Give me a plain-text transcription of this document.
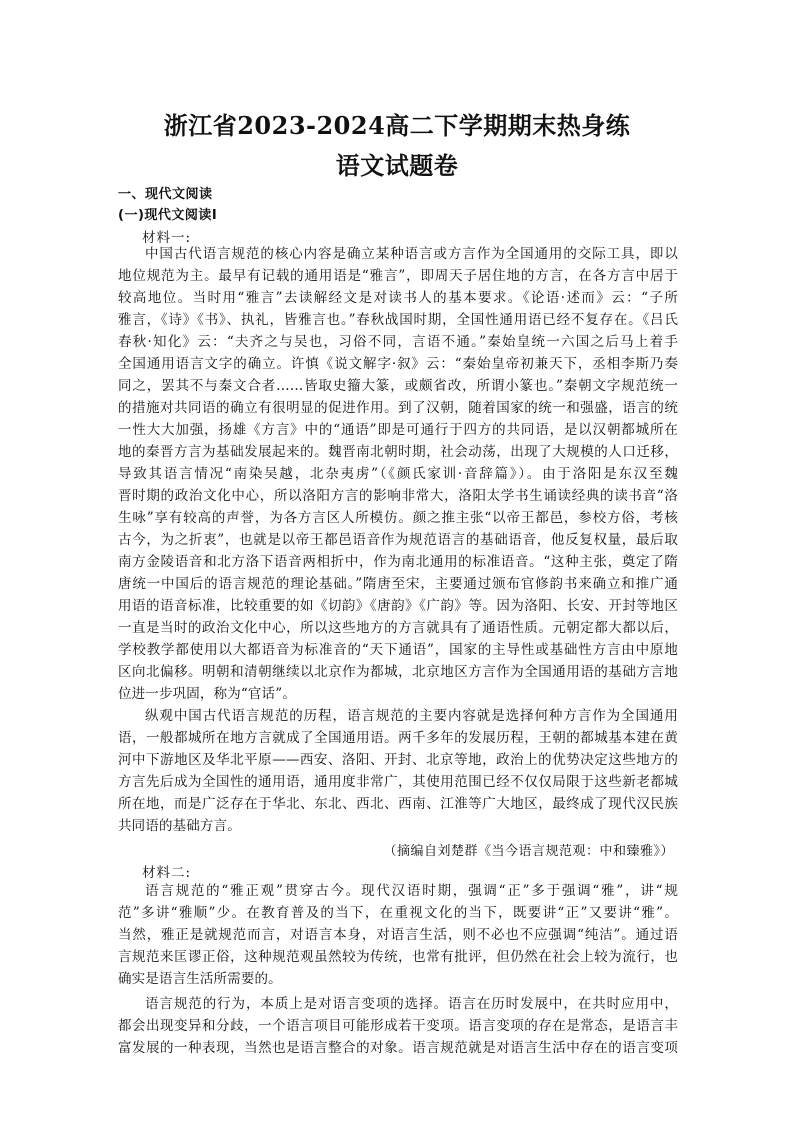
浙江省2023-2024高二下学期期末热身练
语文试题卷
一、现代文阅读
(一)现代文阅读Ⅰ
材料一:
中国古代语言规范的核心内容是确立某种语言或方言作为全国通用的交际工具，即以
地位规范为主。最早有记载的通用语是“雅言”，即周天子居住地的方言，在各方言中居于
较高地位。当时用“雅言”去读解经文是对读书人的基本要求。《论语·述而》云：“子所
雅言，《诗》《书》、执礼，皆雅言也。”春秋战国时期，全国性通用语已经不复存在。《吕氏
春秋·知化》云：“夫齐之与吴也，习俗不同，言语不通。”秦始皇统一六国之后马上着手
全国通用语言文字的确立。许慎《说文解字·叙》云：“秦始皇帝初兼天下，丞相李斯乃奏
同之，罢其不与秦文合者……皆取史籀大篆，或颇省改，所谓小篆也。”秦朝文字规范统一
的措施对共同语的确立有很明显的促进作用。到了汉朝，随着国家的统一和强盛，语言的统
一性大大加强，扬雄《方言》中的“通语”即是可通行于四方的共同语，是以汉朝都城所在
地的秦晋方言为基础发展起来的。魏晋南北朝时期，社会动荡，出现了大规模的人口迁移，
导致其语言情况“南染吴越，北杂夷虏”（《颜氏家训·音辞篇》）。由于洛阳是东汉至魏
晋时期的政治文化中心，所以洛阳方言的影响非常大，洛阳太学书生诵读经典的读书音“洛
生咏”享有较高的声誉，为各方言区人所模仿。颜之推主张“以帝王都邑，参校方俗，考核
古今，为之折衷”，也就是以帝王都邑语音作为规范语言的基础语音，他反复权量，最后取
南方金陵语音和北方洛下语音两相折中，作为南北通用的标准语音。“这种主张，奠定了隋
唐统一中国后的语言规范的理论基础。”隋唐至宋，主要通过颁布官修韵书来确立和推广通
用语的语音标准，比较重要的如《切韵》《唐韵》《广韵》等。因为洛阳、长安、开封等地区
一直是当时的政治文化中心，所以这些地方的方言就具有了通语性质。元朝定都大都以后，
学校教学都使用以大都语音为标准音的“天下通语”，国家的主导性或基础性方言由中原地
区向北偏移。明朝和清朝继续以北京作为都城，北京地区方言作为全国通用语的基础方言地
位进一步巩固，称为“官话”。
纵观中国古代语言规范的历程，语言规范的主要内容就是选择何种方言作为全国通用
语，一般都城所在地方言就成了全国通用语。两千多年的发展历程，王朝的都城基本建在黄
河中下游地区及华北平原——西安、洛阳、开封、北京等地，政治上的优势决定这些地方的
方言先后成为全国性的通用语，通用度非常广，其使用范围已经不仅仅局限于这些新老都城
所在地，而是广泛存在于华北、东北、西北、西南、江淮等广大地区，最终成了现代汉民族
共同语的基础方言。
（摘编自刘楚群《当今语言规范观：中和臻雅》）
材料二:
语言规范的“雅正观”贯穿古今。现代汉语时期，强调“正”多于强调“雅”，讲“规
范”多讲“雅顺”少。在教育普及的当下，在重视文化的当下，既要讲“正”又要讲“雅”。
当然，雅正是就规范而言，对语言本身，对语言生活，则不必也不应强调“纯洁”。通过语
言规范来匡谬正俗，这种规范观虽然较为传统，也常有批评，但仍然在社会上较为流行，也
确实是语言生活所需要的。
语言规范的行为，本质上是对语言变项的选择。语言在历时发展中，在共时应用中，
都会出现变异和分歧，一个语言项目可能形成若干变项。语言变项的存在是常态，是语言丰
富发展的一种表现，当然也是语言整合的对象。语言规范就是对语言生活中存在的语言变项
